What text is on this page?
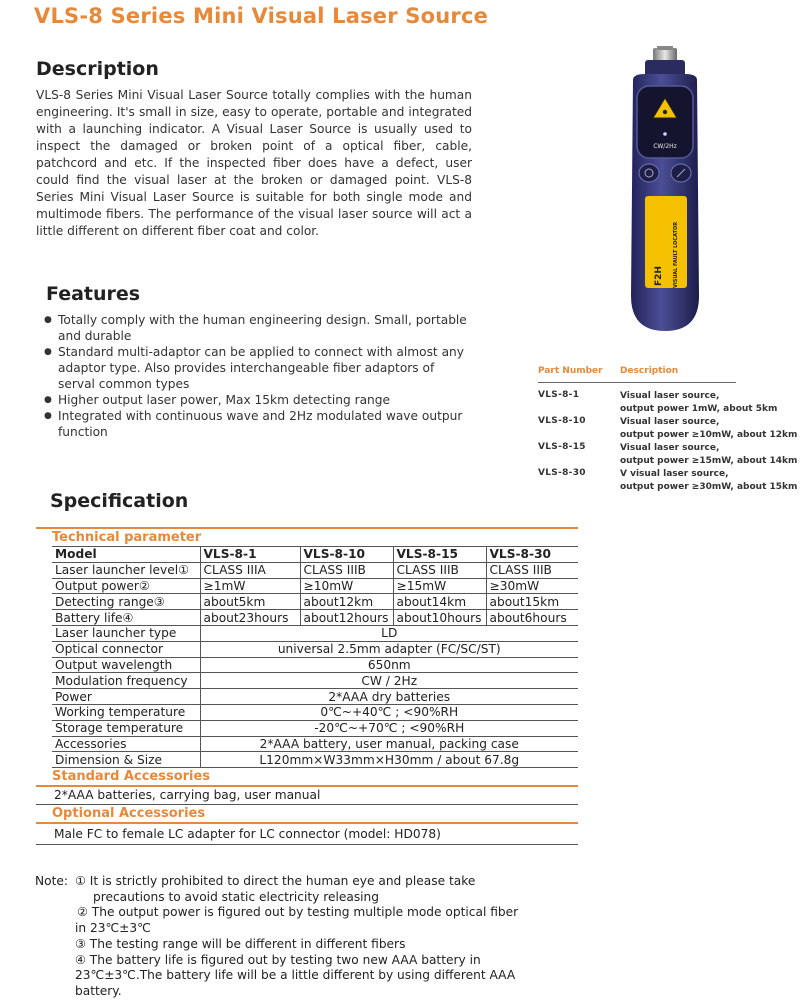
VLS-8 Series Mini Visual Laser Source
Description
VLS-8 Series Mini Visual Laser Source totally complies with the human engineering. It's small in size, easy to operate, portable and integrated with a launching indicator. A Visual Laser Source is usually used to inspect the damaged or broken point of a optical fiber, cable, patchcord and etc. If the inspected fiber does have a defect, user could find the visual laser at the broken or damaged point. VLS-8 Series Mini Visual Laser Source is suitable for both single mode and multimode fibers. The performance of the visual laser source will act a little different on different fiber coat and color.
Features
● Totally comply with the human engineering design. Small, portable and durable
● Standard multi-adaptor can be applied to connect with almost any adaptor type. Also provides interchangeable fiber adaptors of serval common types
● Higher output laser power, Max 15km detecting range
● Integrated with continuous wave and 2Hz modulated wave outpur function
CW/2Hz
F2H VISUAL FAULT LOCATOR
Part Number Description
VLS-8-1	Visual laser source,
output power 1mW, about 5km
VLS-8-10	Visual laser source,
output power ≥10mW, about 12km
VLS-8-15	Visual laser source,
output power ≥15mW, about 14km
VLS-8-30	V visual laser source,
output power ≥30mW, about 15km
Specification
Technical parameter
Model	VLS-8-1	VLS-8-10	VLS-8-15	VLS-8-30
Laser launcher level①	CLASS IIIA	CLASS IIIB	CLASS IIIB	CLASS IIIB
Output power②	≥1mW	≥10mW	≥15mW	≥30mW
Detecting range③	about5km	about12km	about14km	about15km
Battery life④	about23hours	about12hours	about10hours	about6hours
Laser launcher type	LD			
Optical connector	universal 2.5mm adapter (FC/SC/ST)			
Output wavelength	650nm			
Modulation frequency	CW / 2Hz			
Power	2*AAA dry batteries			
Working temperature	0℃~+40℃ ; <90%RH			
Storage temperature	-20℃~+70℃ ; <90%RH			
Accessories	2*AAA battery, user manual, packing case			
Dimension & Size	L120mm×W33mm×H30mm / about 67.8g			
Standard Accessories
2*AAA batteries, carrying bag, user manual
Optional Accessories
Male FC to female LC adapter for LC connector (model: HD078)
Note: ① It is strictly prohibited to direct the human eye and please take

precautions to avoid static electricity releasing

② The output power is figured out by testing multiple mode optical fiber

in 23℃±3℃

③ The testing range will be different in different fibers

④ The battery life is figured out by testing two new AAA battery in

23℃±3℃.The battery life will be a little different by using different AAA

battery.
